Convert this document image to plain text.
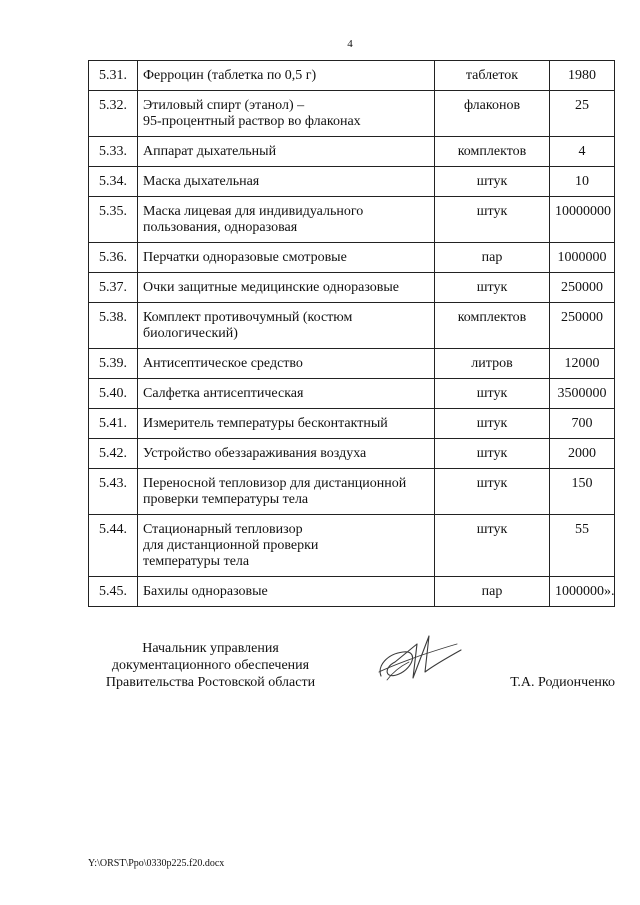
4
5.31.	Ферроцин (таблетка по 0,5 г)	таблеток	1980
5.32.	Этиловый спирт (этанол) –
95-процентный раствор во флаконах	флаконов	25
5.33.	Аппарат дыхательный	комплектов	4
5.34.	Маска дыхательная	штук	10
5.35.	Маска лицевая для индивидуального пользования, одноразовая	штук	10000000
5.36.	Перчатки одноразовые смотровые	пар	1000000
5.37.	Очки защитные медицинские одноразовые	штук	250000
5.38.	Комплект противочумный (костюм биологический)	комплектов	250000
5.39.	Антисептическое средство	литров	12000
5.40.	Салфетка антисептическая	штук	3500000
5.41.	Измеритель температуры бесконтактный	штук	700
5.42.	Устройство обеззараживания воздуха	штук	2000
5.43.	Переносной тепловизор для дистанционной проверки температуры тела	штук	150
5.44.	Стационарный тепловизор
для дистанционной проверки
температуры тела	штук	55
5.45.	Бахилы одноразовые	пар	1000000».
Начальник управления
документационного обеспечения
Правительства Ростовской области	Т.А. Родионченко
Y:\ORST\Ppo\0330p225.f20.docx
